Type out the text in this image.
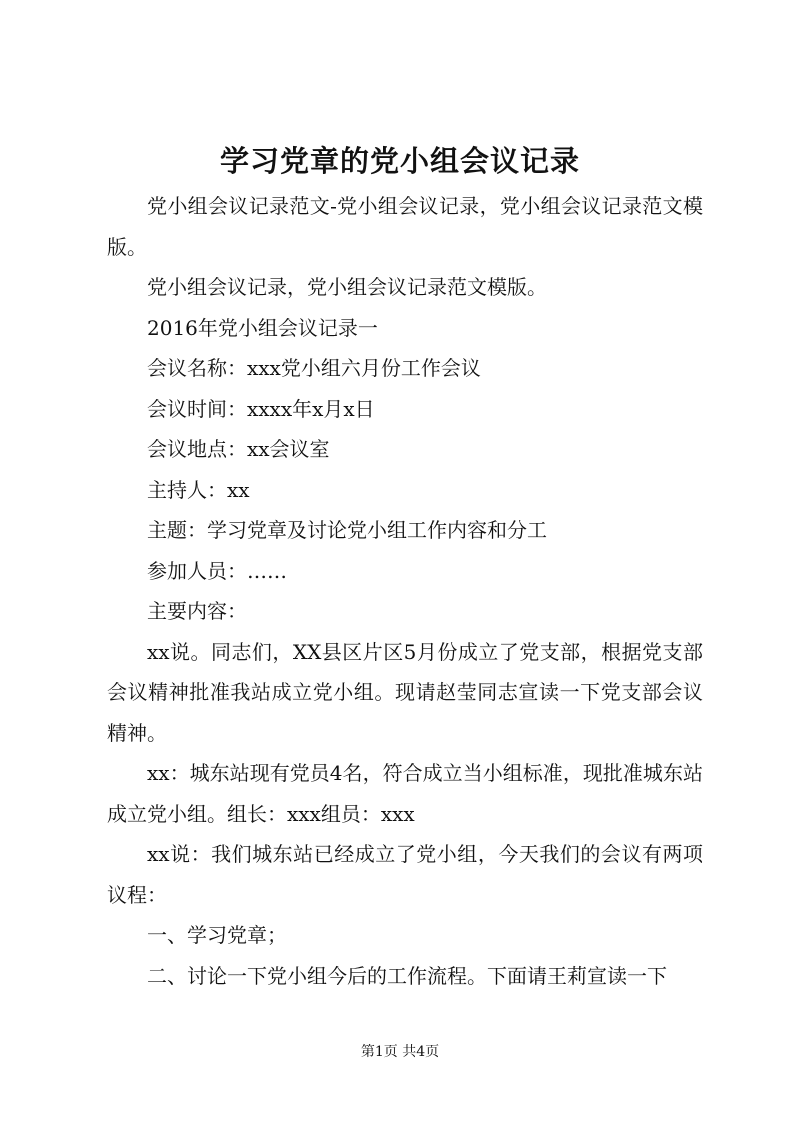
学习党章的党小组会议记录

党小组会议记录范文-党小组会议记录，党小组会议记录范文模版。

党小组会议记录，党小组会议记录范文模版。

2016年党小组会议记录一

会议名称：xxx党小组六月份工作会议

会议时间：xxxx年x月x日

会议地点：xx会议室

主持人：xx

主题：学习党章及讨论党小组工作内容和分工

参加人员：……

主要内容：

xx说。同志们，XX县区片区5月份成立了党支部，根据党支部会议精神批准我站成立党小组。现请赵莹同志宣读一下党支部会议精神。

xx：城东站现有党员4名，符合成立当小组标准，现批准城东站成立党小组。组长：xxx组员：xxx

xx说：我们城东站已经成立了党小组，今天我们的会议有两项议程：

一、学习党章；

二、讨论一下党小组今后的工作流程。下面请王莉宣读一下

第1页 共4页
